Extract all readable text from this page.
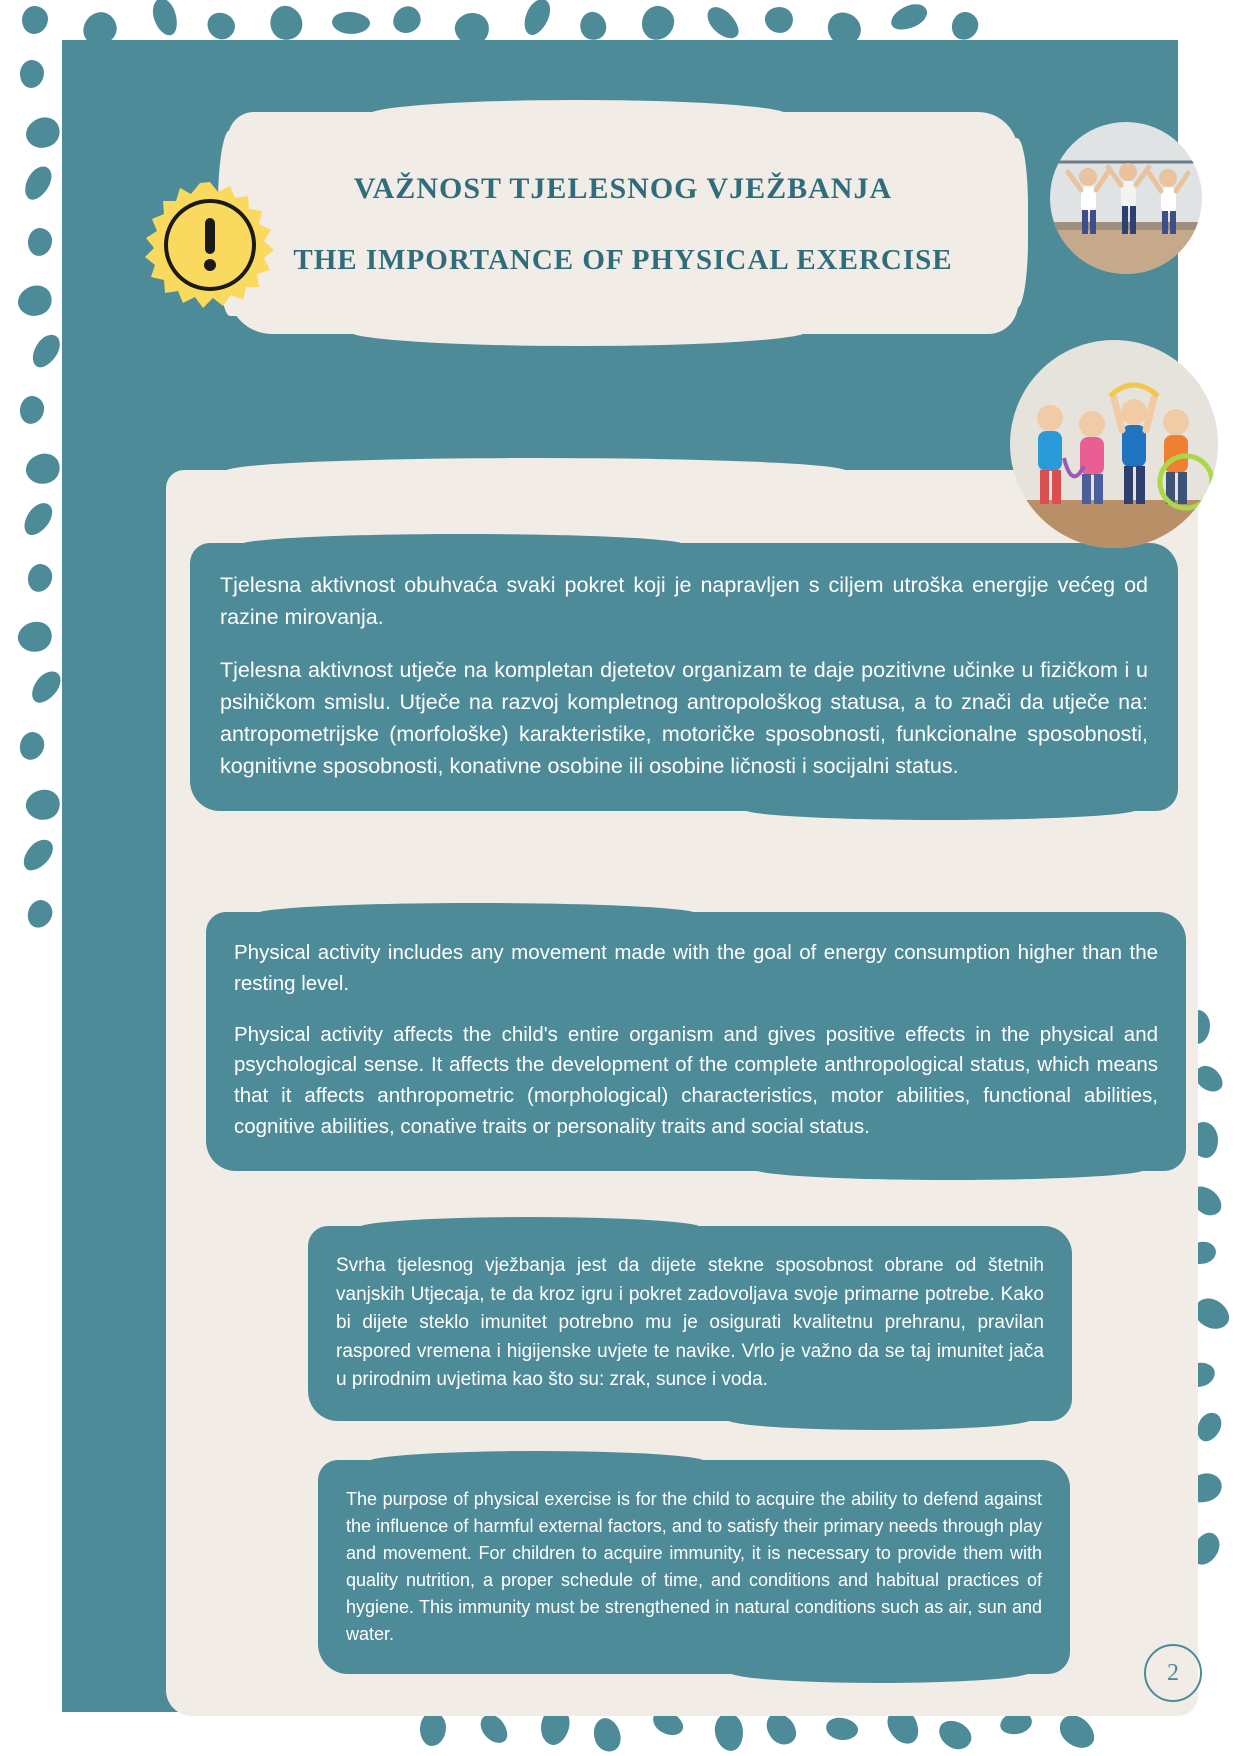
VAŽNOST TJELESNOG VJEŽBANJA
THE IMPORTANCE OF PHYSICAL EXERCISE

Tjelesna aktivnost obuhvaća svaki pokret koji je napravljen s ciljem utroška energije većeg od razine mirovanja.

Tjelesna aktivnost utječe na kompletan djetetov organizam te daje pozitivne učinke u fizičkom i u psihičkom smislu. Utječe na razvoj kompletnog antropološkog statusa, a to znači da utječe na: antropometrijske (morfološke) karakteristike, motoričke sposobnosti, funkcionalne sposobnosti, kognitivne sposobnosti, konativne osobine ili osobine ličnosti i socijalni status.

Physical activity includes any movement made with the goal of energy consumption higher than the resting level.

Physical activity affects the child's entire organism and gives positive effects in the physical and psychological sense. It affects the development of the complete anthropological status, which means that it affects anthropometric (morphological) characteristics, motor abilities, functional abilities, cognitive abilities, conative traits or personality traits and social status.

Svrha tjelesnog vježbanja jest da dijete stekne sposobnost obrane od štetnih vanjskih Utjecaja, te da kroz igru i pokret zadovoljava svoje primarne potrebe. Kako bi dijete steklo imunitet potrebno mu je osigurati kvalitetnu prehranu, pravilan raspored vremena i higijenske uvjete te navike. Vrlo je važno da se taj imunitet jača u prirodnim uvjetima kao što su: zrak, sunce i voda.

The purpose of physical exercise is for the child to acquire the ability to defend against the influence of harmful external factors, and to satisfy their primary needs through play and movement. For children to acquire immunity, it is necessary to provide them with quality nutrition, a proper schedule of time, and conditions and habitual practices of hygiene. This immunity must be strengthened in natural conditions such as air, sun and water.

2
